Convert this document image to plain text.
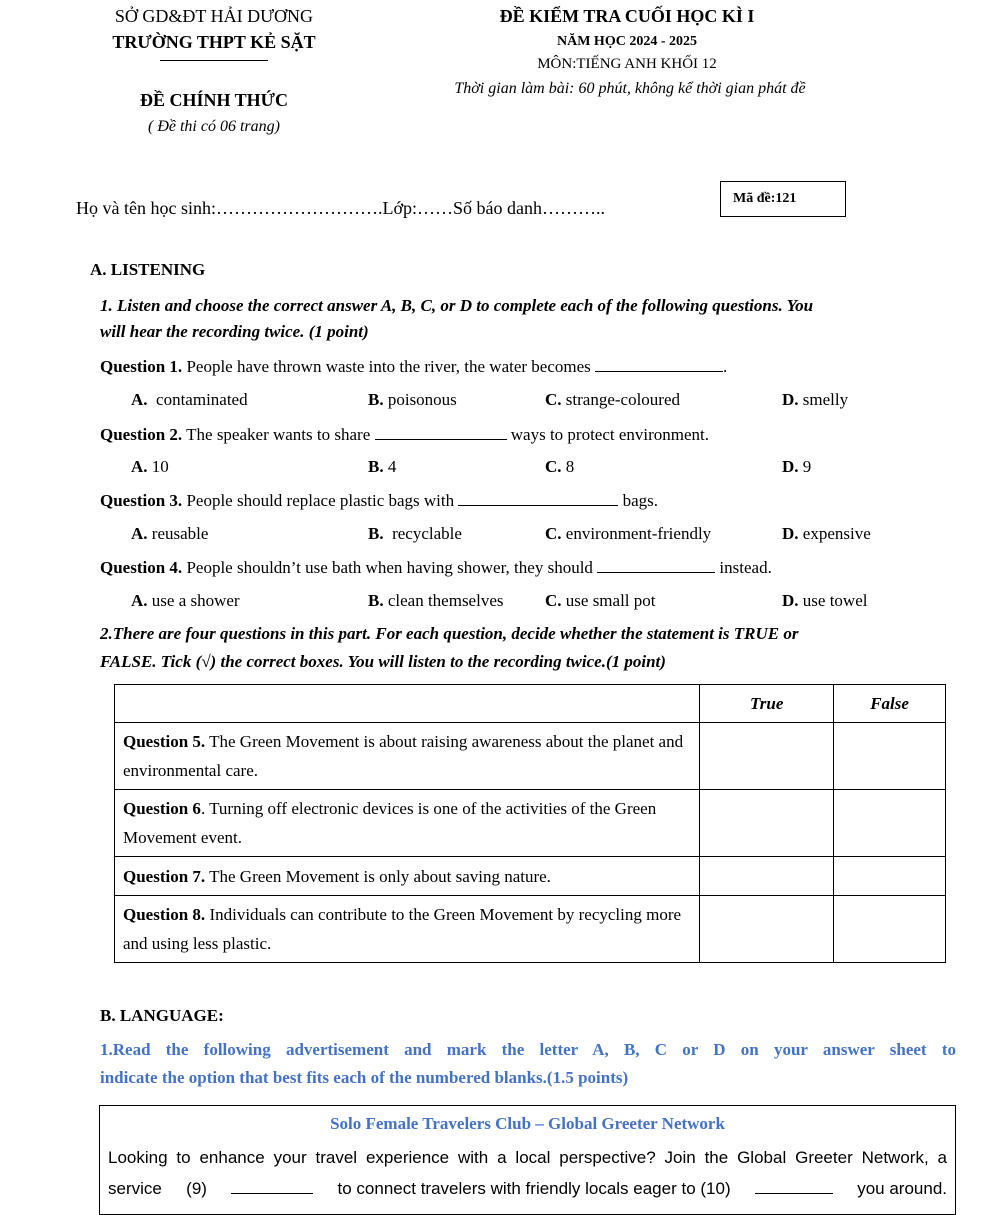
SỞ GD&ĐT HẢI DƯƠNG
TRƯỜNG THPT KẺ SẶT
ĐỀ CHÍNH THỨC
( Đề thi có 06 trang)
ĐỀ KIỂM TRA CUỐI HỌC KÌ I
NĂM HỌC 2024 - 2025
MÔN:TIẾNG ANH KHỐI 12
Thời gian làm bài: 60 phút, không kể thời gian phát đề
Họ và tên học sinh:……………………….Lớp:……Số báo danh………..	Mã đề:121
A. LISTENING
1. Listen and choose the correct answer A, B, C, or D to complete each of the following questions. You
will hear the recording twice. (1 point)
Question 1. People have thrown waste into the river, the water becomes	.
A. contaminated	B. poisonous	C. strange-coloured	D. smelly
Question 2. The speaker wants to share	ways to protect environment.
A. 10	B. 4	C. 8	D. 9
Question 3. People should replace plastic bags with	bags.
A. reusable	B. recyclable	C. environment-friendly	D. expensive
Question 4. People shouldn’t use bath when having shower, they should	instead.
A. use a shower	B. clean themselves C. use small pot	D. use towel
2.There are four questions in this part. For each question, decide whether the statement is TRUE or
FALSE. Tick (√) the correct boxes. You will listen to the recording twice.(1 point)
	True	False
Question 5. The Green Movement is about raising awareness about the planet and environmental care.		
Question 6. Turning off electronic devices is one of the activities of the Green Movement event.		
Question 7. The Green Movement is only about saving nature.		
Question 8. Individuals can contribute to the Green Movement by recycling more and using less plastic.		
B. LANGUAGE:
1.Read the following advertisement and mark the letter A, B, C or D on your answer sheet to
indicate the option that best fits each of the numbered blanks.(1.5 points)
Solo Female Travelers Club – Global Greeter Network
Looking to enhance your travel experience with a local perspective? Join the Global Greeter Network, a
service (9)	to connect travelers with friendly locals eager to (10)	you around.
